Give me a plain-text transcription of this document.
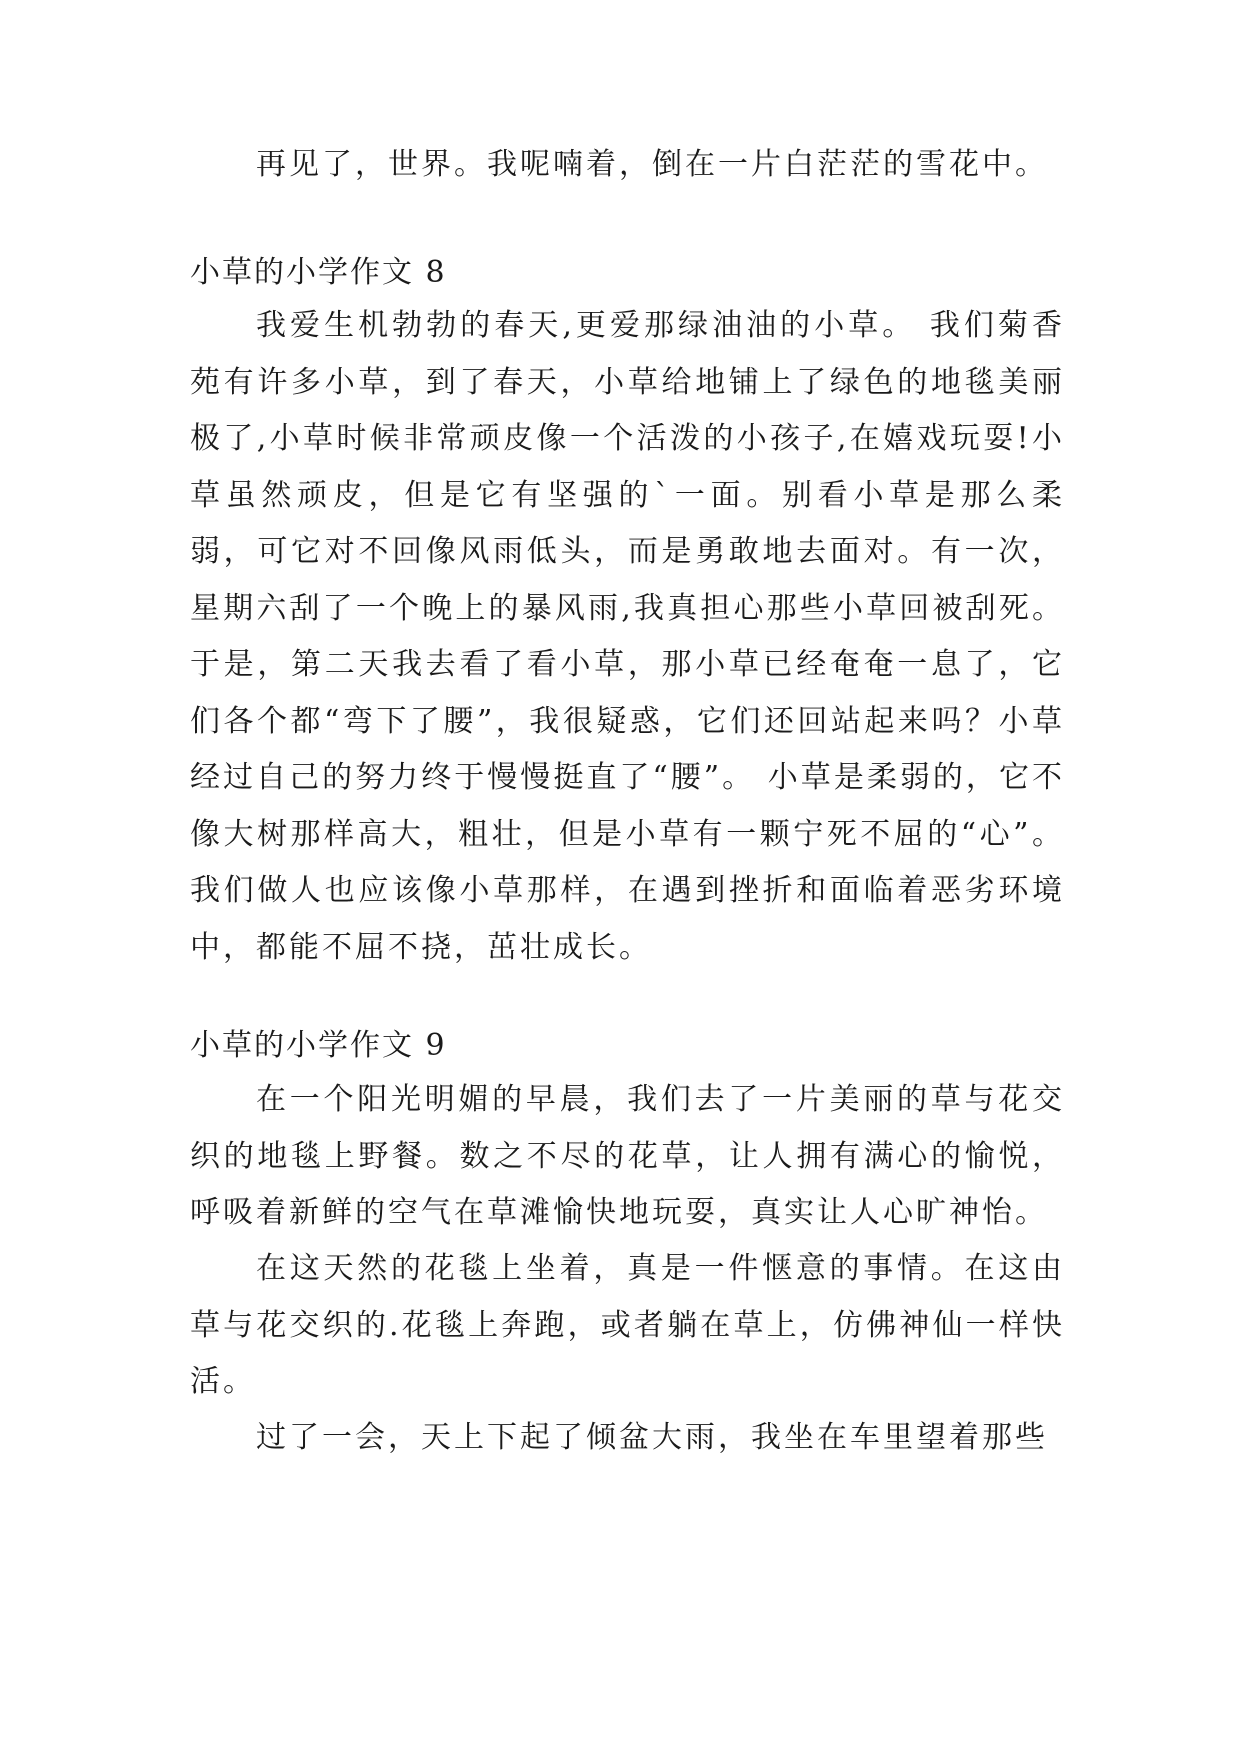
再见了，世界。我呢喃着，倒在一片白茫茫的雪花中。

小草的小学作文 8

我爱生机勃勃的春天,更爱那绿油油的小草。 我们菊香苑有许多小草，到了春天，小草给地铺上了绿色的地毯美丽极了,小草时候非常顽皮像一个活泼的小孩子,在嬉戏玩耍!小草虽然顽皮，但是它有坚强的`一面。别看小草是那么柔弱，可它对不回像风雨低头，而是勇敢地去面对。有一次，星期六刮了一个晚上的暴风雨,我真担心那些小草回被刮死。于是，第二天我去看了看小草，那小草已经奄奄一息了，它们各个都“弯下了腰”，我很疑惑，它们还回站起来吗？小草经过自己的努力终于慢慢挺直了“腰”。 小草是柔弱的，它不像大树那样高大，粗壮，但是小草有一颗宁死不屈的“心”。我们做人也应该像小草那样，在遇到挫折和面临着恶劣环境中，都能不屈不挠，茁壮成长。

小草的小学作文 9

在一个阳光明媚的早晨，我们去了一片美丽的草与花交织的地毯上野餐。数之不尽的花草，让人拥有满心的愉悦，呼吸着新鲜的空气在草滩愉快地玩耍，真实让人心旷神怡。

在这天然的花毯上坐着，真是一件惬意的事情。在这由草与花交织的.花毯上奔跑，或者躺在草上，仿佛神仙一样快活。

过了一会，天上下起了倾盆大雨，我坐在车里望着那些
